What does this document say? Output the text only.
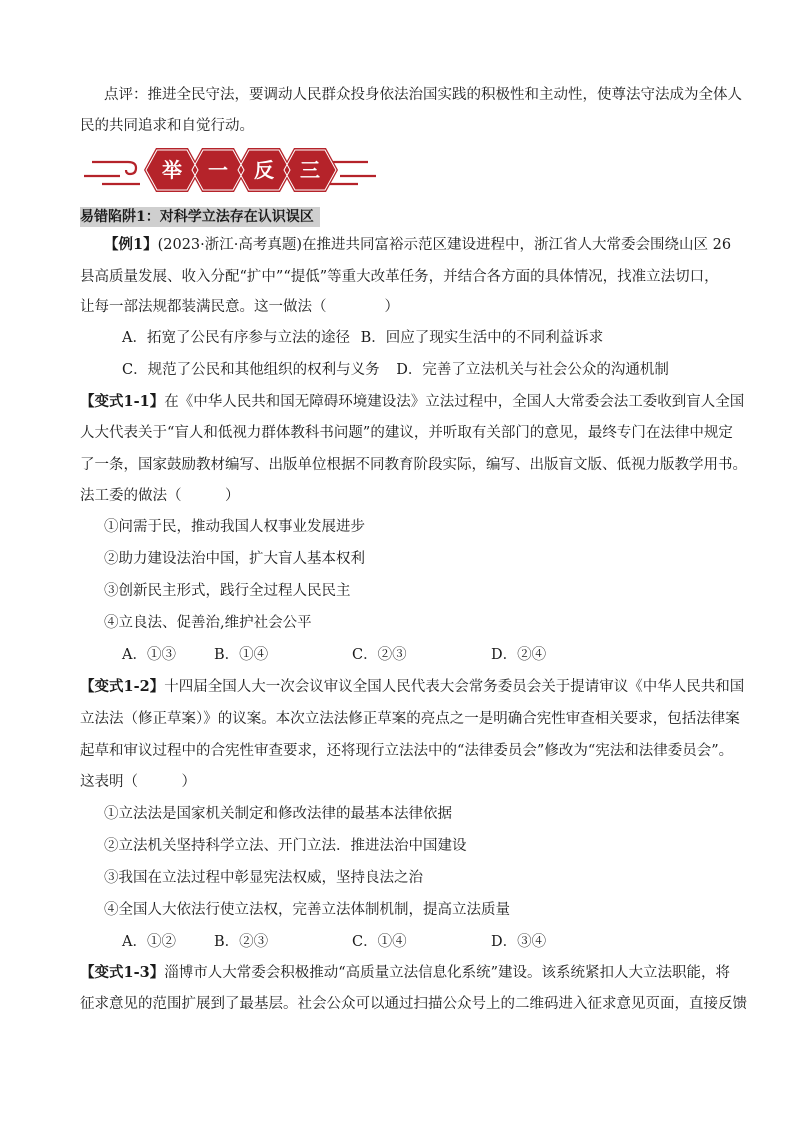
点评：推进全民守法，要调动人民群众投身依法治国实践的积极性和主动性，使尊法守法成为全体人
民的共同追求和自觉行动。
举 一 反 三
易错陷阱1：对科学立法存在认识误区
【例1】(2023·浙江·高考真题)在推进共同富裕示范区建设进程中，浙江省人大常委会围绕山区 26
县高质量发展、收入分配“扩中”“提低”等重大改革任务，并结合各方面的具体情况，找准立法切口，
让每一部法规都装满民意。这一做法（　　　　）
A．拓宽了公民有序参与立法的途径 B．回应了现实生活中的不同利益诉求
C．规范了公民和其他组织的权利与义务 D．完善了立法机关与社会公众的沟通机制
【变式1-1】在《中华人民共和国无障碍环境建设法》立法过程中，全国人大常委会法工委收到盲人全国
人大代表关于“盲人和低视力群体教科书问题”的建议，并听取有关部门的意见，最终专门在法律中规定
了一条，国家鼓励教材编写、出版单位根据不同教育阶段实际，编写、出版盲文版、低视力版教学用书。
法工委的做法（　　　）
①问需于民，推动我国人权事业发展进步
②助力建设法治中国，扩大盲人基本权利
③创新民主形式，践行全过程人民民主
④立良法、促善治,维护社会公平
A．①③	B．①④	C．②③	D．②④
【变式1-2】十四届全国人大一次会议审议全国人民代表大会常务委员会关于提请审议《中华人民共和国
立法法（修正草案）》的议案。本次立法法修正草案的亮点之一是明确合宪性审查相关要求，包括法律案
起草和审议过程中的合宪性审查要求，还将现行立法法中的“法律委员会”修改为“宪法和法律委员会”。
这表明（　　　）
①立法法是国家机关制定和修改法律的最基本法律依据
②立法机关坚持科学立法、开门立法．推进法治中国建设
③我国在立法过程中彰显宪法权威，坚持良法之治
④全国人大依法行使立法权，完善立法体制机制，提高立法质量
A．①②	B．②③	C．①④	D．③④
【变式1-3】淄博市人大常委会积极推动“高质量立法信息化系统”建设。该系统紧扣人大立法职能，将
征求意见的范围扩展到了最基层。社会公众可以通过扫描公众号上的二维码进入征求意见页面，直接反馈
